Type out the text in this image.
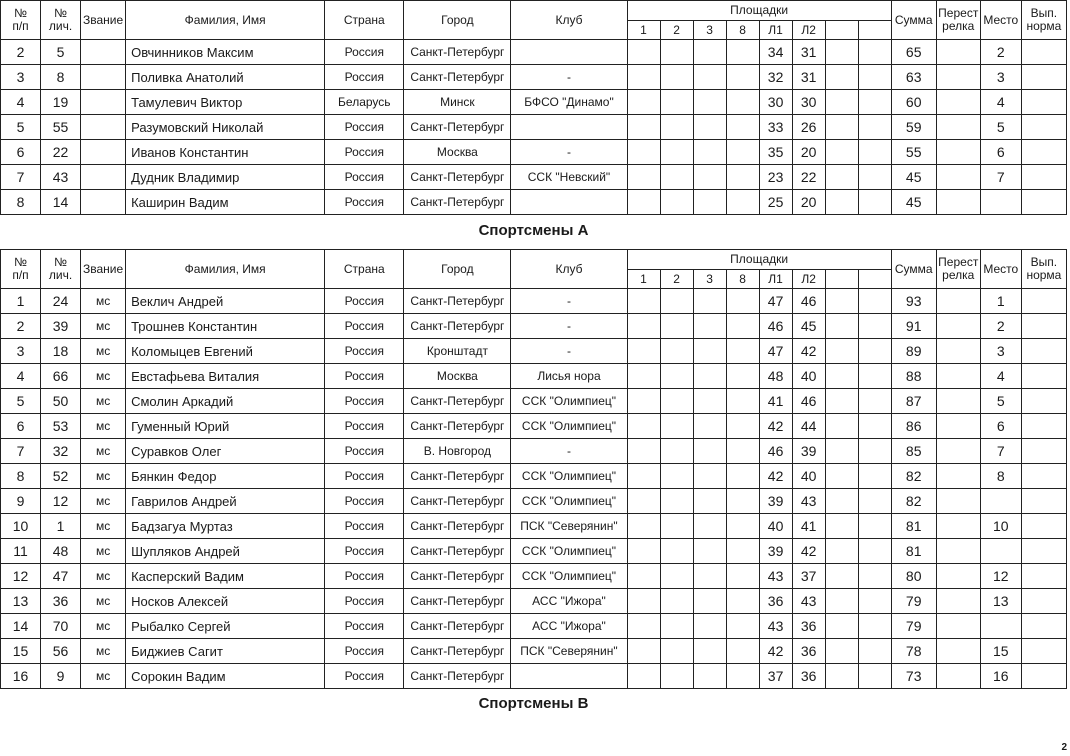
№ п/п	№ лич.	Звание	Фамилия, Имя	Страна	Город	Клуб	Площадки								Сумма	Перест релка	Место	Вып. норма
							1	2	3	8	Л1	Л2						
2	5		Овчинников Максим	Россия	Санкт-Петербург						34	31			65		2	
3	8		Поливка Анатолий	Россия	Санкт-Петербург	-					32	31			63		3	
4	19		Тамулевич Виктор	Беларусь	Минск	БФСО "Динамо"					30	30			60		4	
5	55		Разумовский Николай	Россия	Санкт-Петербург						33	26			59		5	
6	22		Иванов Константин	Россия	Москва	-					35	20			55		6	
7	43		Дудник Владимир	Россия	Санкт-Петербург	ССК "Невский"					23	22			45		7	
8	14		Каширин Вадим	Россия	Санкт-Петербург						25	20			45			
Спортсмены А
№ п/п	№ лич.	Звание	Фамилия, Имя	Страна	Город	Клуб	Площадки								Сумма	Перест релка	Место	Вып. норма
							1	2	3	8	Л1	Л2						
1	24	мс	Веклич Андрей	Россия	Санкт-Петербург	-					47	46			93		1	
2	39	мс	Трошнев Константин	Россия	Санкт-Петербург	-					46	45			91		2	
3	18	мс	Коломыцев Евгений	Россия	Кронштадт	-					47	42			89		3	
4	66	мс	Евстафьева Виталия	Россия	Москва	Лисья нора					48	40			88		4	
5	50	мс	Смолин Аркадий	Россия	Санкт-Петербург	ССК "Олимпиец"					41	46			87		5	
6	53	мс	Гуменный Юрий	Россия	Санкт-Петербург	ССК "Олимпиец"					42	44			86		6	
7	32	мс	Суравков Олег	Россия	В. Новгород	-					46	39			85		7	
8	52	мс	Бянкин Федор	Россия	Санкт-Петербург	ССК "Олимпиец"					42	40			82		8	
9	12	мс	Гаврилов Андрей	Россия	Санкт-Петербург	ССК "Олимпиец"					39	43			82			
10	1	мс	Бадзагуа Муртаз	Россия	Санкт-Петербург	ПСК "Северянин"					40	41			81		10	
11	48	мс	Шупляков Андрей	Россия	Санкт-Петербург	ССК "Олимпиец"					39	42			81			
12	47	мс	Касперский Вадим	Россия	Санкт-Петербург	ССК "Олимпиец"					43	37			80		12	
13	36	мс	Носков Алексей	Россия	Санкт-Петербург	АСС "Ижора"					36	43			79		13	
14	70	мс	Рыбалко Сергей	Россия	Санкт-Петербург	АСС "Ижора"					43	36			79			
15	56	мс	Биджиев Сагит	Россия	Санкт-Петербург	ПСК "Северянин"					42	36			78		15	
16	9	мс	Сорокин Вадим	Россия	Санкт-Петербург						37	36			73		16	
Спортсмены В
2
